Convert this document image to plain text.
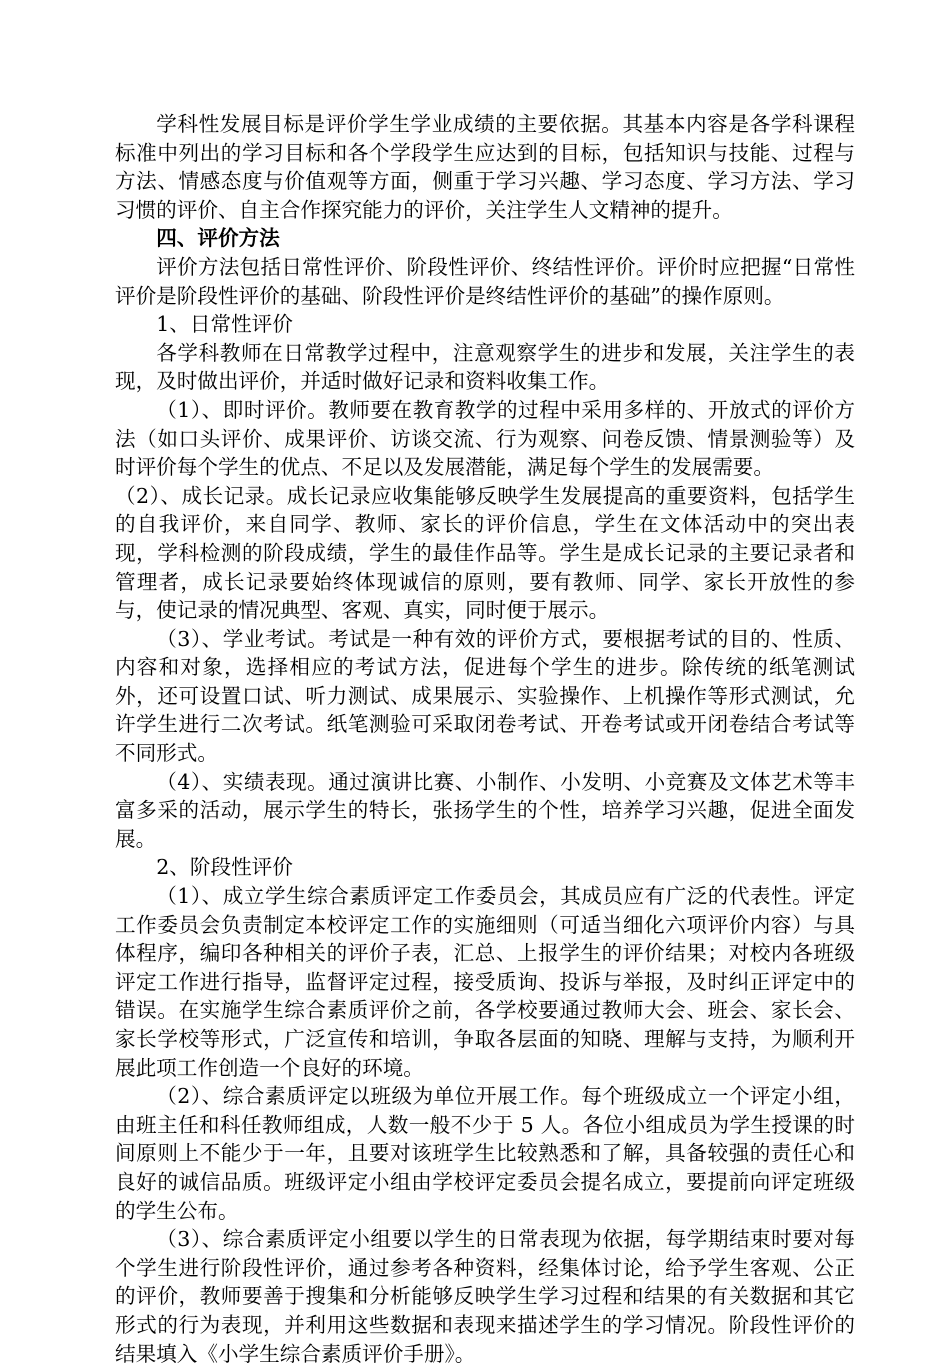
学科性发展目标是评价学生学业成绩的主要依据。其基本内容是各学科课程标准中列出的学习目标和各个学段学生应达到的目标，包括知识与技能、过程与方法、情感态度与价值观等方面，侧重于学习兴趣、学习态度、学习方法、学习习惯的评价、自主合作探究能力的评价，关注学生人文精神的提升。

四、评价方法

评价方法包括日常性评价、阶段性评价、终结性评价。评价时应把握“日常性评价是阶段性评价的基础、阶段性评价是终结性评价的基础”的操作原则。

1、日常性评价

各学科教师在日常教学过程中，注意观察学生的进步和发展，关注学生的表现，及时做出评价，并适时做好记录和资料收集工作。

（1）、即时评价。教师要在教育教学的过程中采用多样的、开放式的评价方法（如口头评价、成果评价、访谈交流、行为观察、问卷反馈、情景测验等）及时评价每个学生的优点、不足以及发展潜能，满足每个学生的发展需要。

（2）、成长记录。成长记录应收集能够反映学生发展提高的重要资料，包括学生的自我评价，来自同学、教师、家长的评价信息，学生在文体活动中的突出表现，学科检测的阶段成绩，学生的最佳作品等。学生是成长记录的主要记录者和管理者，成长记录要始终体现诚信的原则，要有教师、同学、家长开放性的参与，使记录的情况典型、客观、真实，同时便于展示。

（3）、学业考试。考试是一种有效的评价方式，要根据考试的目的、性质、内容和对象，选择相应的考试方法，促进每个学生的进步。除传统的纸笔测试外，还可设置口试、听力测试、成果展示、实验操作、上机操作等形式测试，允许学生进行二次考试。纸笔测验可采取闭卷考试、开卷考试或开闭卷结合考试等不同形式。

（4）、实绩表现。通过演讲比赛、小制作、小发明、小竞赛及文体艺术等丰富多采的活动，展示学生的特长，张扬学生的个性，培养学习兴趣，促进全面发展。

2、阶段性评价

（1）、成立学生综合素质评定工作委员会，其成员应有广泛的代表性。评定工作委员会负责制定本校评定工作的实施细则（可适当细化六项评价内容）与具体程序，编印各种相关的评价子表，汇总、上报学生的评价结果；对校内各班级评定工作进行指导，监督评定过程，接受质询、投诉与举报，及时纠正评定中的错误。在实施学生综合素质评价之前，各学校要通过教师大会、班会、家长会、家长学校等形式，广泛宣传和培训，争取各层面的知晓、理解与支持，为顺利开展此项工作创造一个良好的环境。

（2）、综合素质评定以班级为单位开展工作。每个班级成立一个评定小组，由班主任和科任教师组成，人数一般不少于 5 人。各位小组成员为学生授课的时间原则上不能少于一年，且要对该班学生比较熟悉和了解，具备较强的责任心和良好的诚信品质。班级评定小组由学校评定委员会提名成立，要提前向评定班级的学生公布。

（3）、综合素质评定小组要以学生的日常表现为依据，每学期结束时要对每个学生进行阶段性评价，通过参考各种资料，经集体讨论，给予学生客观、公正的评价，教师要善于搜集和分析能够反映学生学习过程和结果的有关数据和其它形式的行为表现，并利用这些数据和表现来描述学生的学习情况。阶段性评价的结果填入《小学生综合素质评价手册》。
